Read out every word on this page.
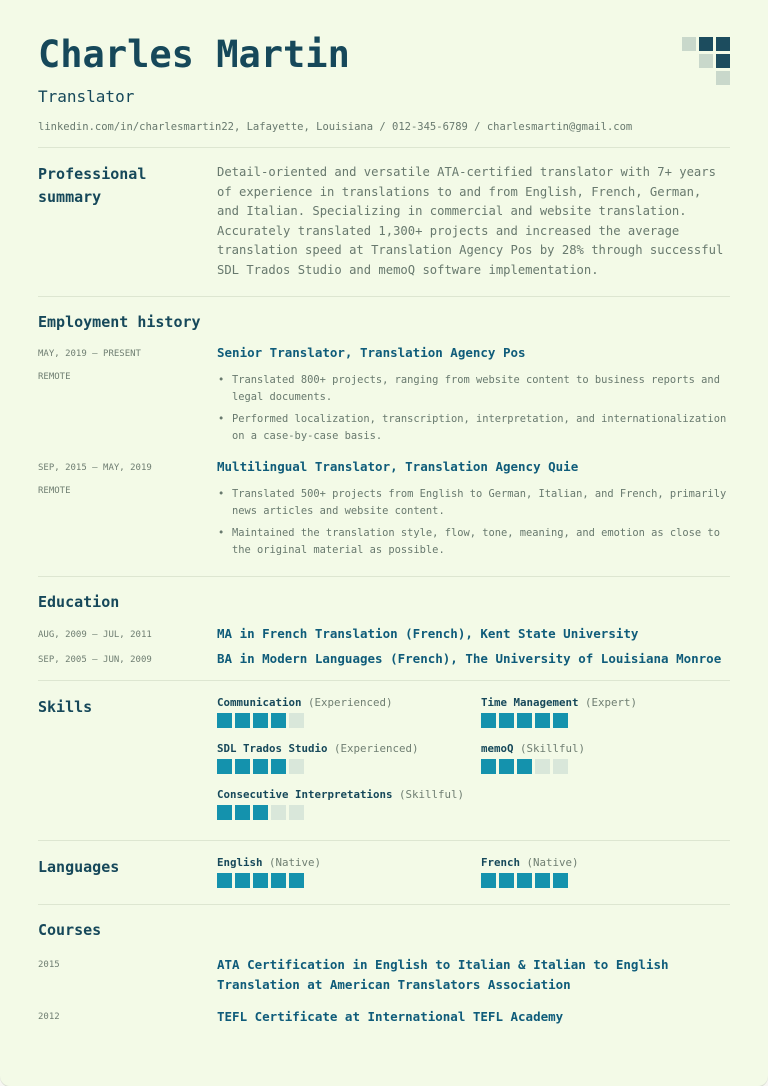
Charles Martin
Translator
linkedin.com/in/charlesmartin22, Lafayette, Louisiana / 012-345-6789 / charlesmartin@gmail.com
Professional summary

Detail-oriented and versatile ATA-certified translator with 7+ years of experience in translations to and from English, French, German, and Italian. Specializing in commercial and website translation. Accurately translated 1,300+ projects and increased the average translation speed at Translation Agency Pos by 28% through successful SDL Trados Studio and memoQ software implementation.

Employment history
MAY, 2019 – PRESENT
REMOTE
Senior Translator, Translation Agency Pos
• Translated 800+ projects, ranging from website content to business reports and legal documents.
• Performed localization, transcription, interpretation, and internationalization on a case-by-case basis.
SEP, 2015 – MAY, 2019
REMOTE
Multilingual Translator, Translation Agency Quie
• Translated 500+ projects from English to German, Italian, and French, primarily news articles and website content.
• Maintained the translation style, flow, tone, meaning, and emotion as close to the original material as possible.
Education
AUG, 2009 – JUL, 2011	MA in French Translation (French), Kent State University
SEP, 2005 – JUN, 2009	BA in Modern Languages (French), The University of Louisiana Monroe
Skills	Communication (Experienced)	Time Management (Expert)
SDL Trados Studio (Experienced)	memoQ (Skillful)
Consecutive Interpretations (Skillful)
Languages	English (Native)	French (Native)
Courses
2015	ATA Certification in English to Italian & Italian to English Translation at American Translators Association
2012	TEFL Certificate at International TEFL Academy
